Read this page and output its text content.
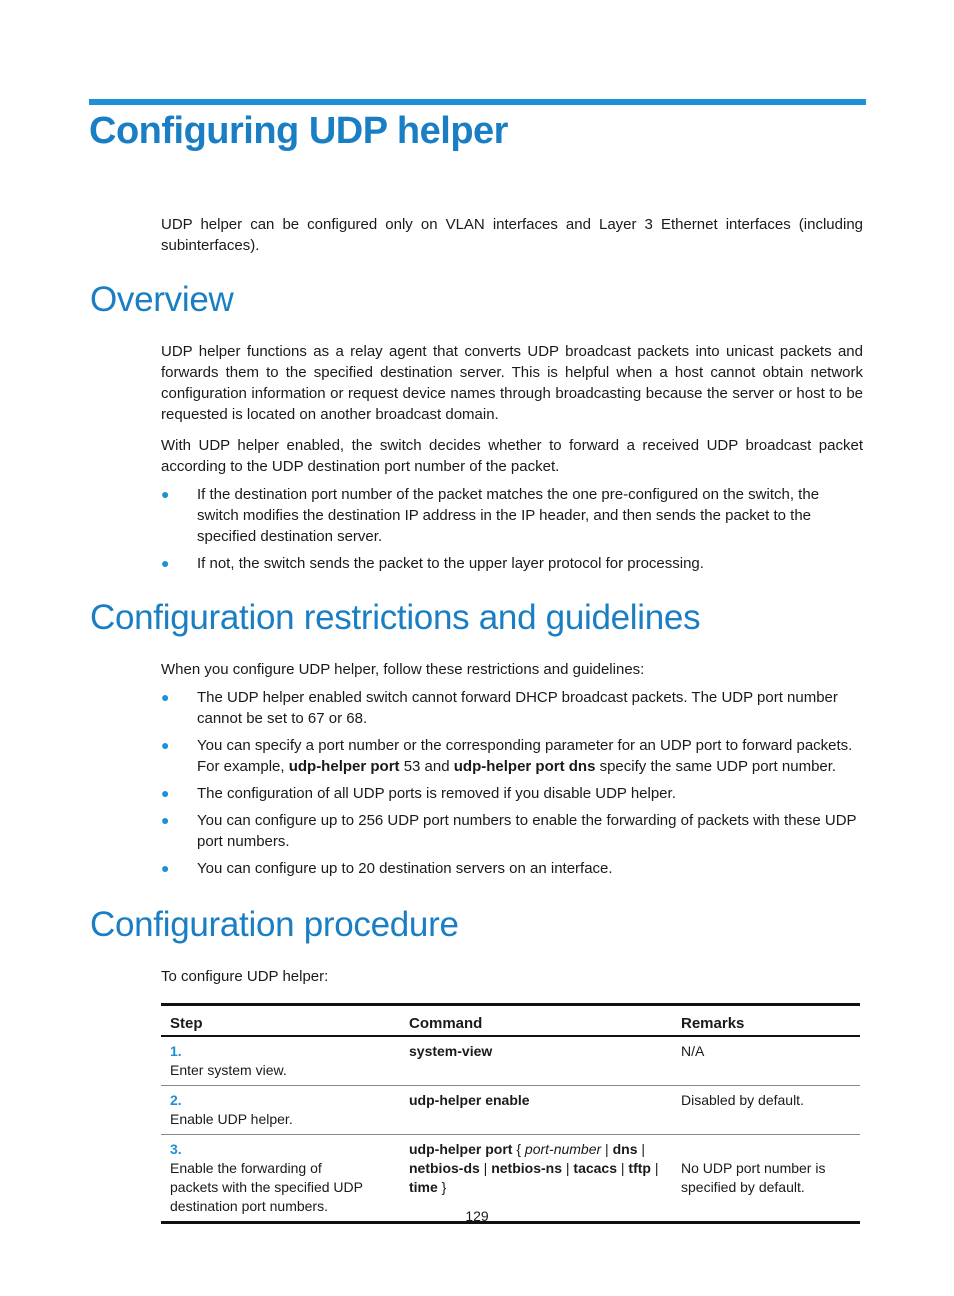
Configuring UDP helper

UDP helper can be configured only on VLAN interfaces and Layer 3 Ethernet interfaces (including subinterfaces).

Overview

UDP helper functions as a relay agent that converts UDP broadcast packets into unicast packets and forwards them to the specified destination server. This is helpful when a host cannot obtain network configuration information or request device names through broadcasting because the server or host to be requested is located on another broadcast domain.

With UDP helper enabled, the switch decides whether to forward a received UDP broadcast packet according to the UDP destination port number of the packet.

● If the destination port number of the packet matches the one pre-configured on the switch, the switch modifies the destination IP address in the IP header, and then sends the packet to the specified destination server.
● If not, the switch sends the packet to the upper layer protocol for processing.
Configuration restrictions and guidelines

When you configure UDP helper, follow these restrictions and guidelines:

● The UDP helper enabled switch cannot forward DHCP broadcast packets. The UDP port number cannot be set to 67 or 68.
● You can specify a port number or the corresponding parameter for an UDP port to forward packets. For example, udp-helper port 53 and udp-helper port dns specify the same UDP port number.
● The configuration of all UDP ports is removed if you disable UDP helper.
● You can configure up to 256 UDP port numbers to enable the forwarding of packets with these UDP port numbers.
● You can configure up to 20 destination servers on an interface.
Configuration procedure

To configure UDP helper:

Step	Command	Remarks
1.Enter system view.	system-view	N/A
2.Enable UDP helper.	udp-helper enable	Disabled by default.
3.Enable the forwarding of packets with the specified UDP destination port numbers.	udp-helper port { port-number | dns | netbios-ds | netbios-ns | tacacs | tftp | time }	No UDP port number is specified by default.
129
